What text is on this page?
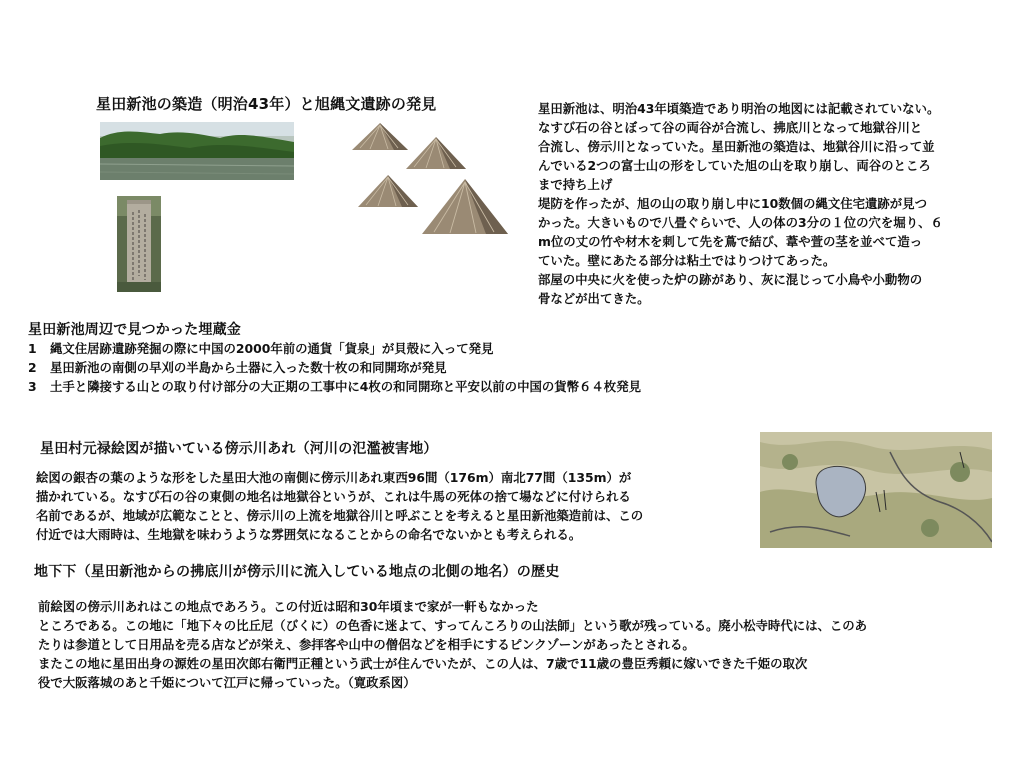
星田新池の築造（明治43年）と旭縄文遺跡の発見	星田新池は、明治43年頃築造であり明治の地図には記載されていない。

なすび石の谷とぼって谷の両谷が合流し、拂底川となって地獄谷川と

合流し、傍示川となっていた。星田新池の築造は、地獄谷川に沿って並

んでいる2つの富士山の形をしていた旭の山を取り崩し、両谷のところ

まで持ち上げ

堤防を作ったが、旭の山の取り崩し中に10数個の縄文住宅遺跡が見つ

かった。大きいもので八畳ぐらいで、人の体の3分の１位の穴を堀り、６

m位の丈の竹や材木を刺して先を蔦で結び、葦や萱の茎を並べて造っ

ていた。壁にあたる部分は粘土ではりつけてあった。

部屋の中央に火を使った炉の跡があり、灰に混じって小鳥や小動物の

骨などが出てきた。

星田新池周辺で見つかった埋蔵金
1 縄文住居跡遺跡発掘の際に中国の2000年前の通貨「貨泉」が貝殻に入って発見
2 星田新池の南側の早刈の半島から土器に入った数十枚の和同開珎が発見
3 土手と隣接する山との取り付け部分の大正期の工事中に4枚の和同開珎と平安以前の中国の貨幣６４枚発見
星田村元禄絵図が描いている傍示川あれ（河川の氾濫被害地）

絵図の銀杏の葉のような形をした星田大池の南側に傍示川あれ東西96間（176m）南北77間（135m）が

描かれている。なすび石の谷の東側の地名は地獄谷というが、これは牛馬の死体の捨て場などに付けられる

名前であるが、地域が広範なことと、傍示川の上流を地獄谷川と呼ぶことを考えると星田新池築造前は、この

付近では大雨時は、生地獄を味わうような雰囲気になることからの命名でないかとも考えられる。

地下下（星田新池からの拂底川が傍示川に流入している地点の北側の地名）の歴史

前絵図の傍示川あれはこの地点であろう。この付近は昭和30年頃まで家が一軒もなかった

ところである。この地に「地下々の比丘尼（びくに）の色香に迷よて、すってんころりの山法師」という歌が残っている。廃小松寺時代には、このあ

たりは参道として日用品を売る店などが栄え、参拝客や山中の僧侶などを相手にするピンクゾーンがあったとされる。

またこの地に星田出身の源姓の星田次郎右衛門正種という武士が住んでいたが、この人は、7歳で11歳の豊臣秀頼に嫁いできた千姫の取次

役で大阪落城のあと千姫について江戸に帰っていった。（寛政系図）
